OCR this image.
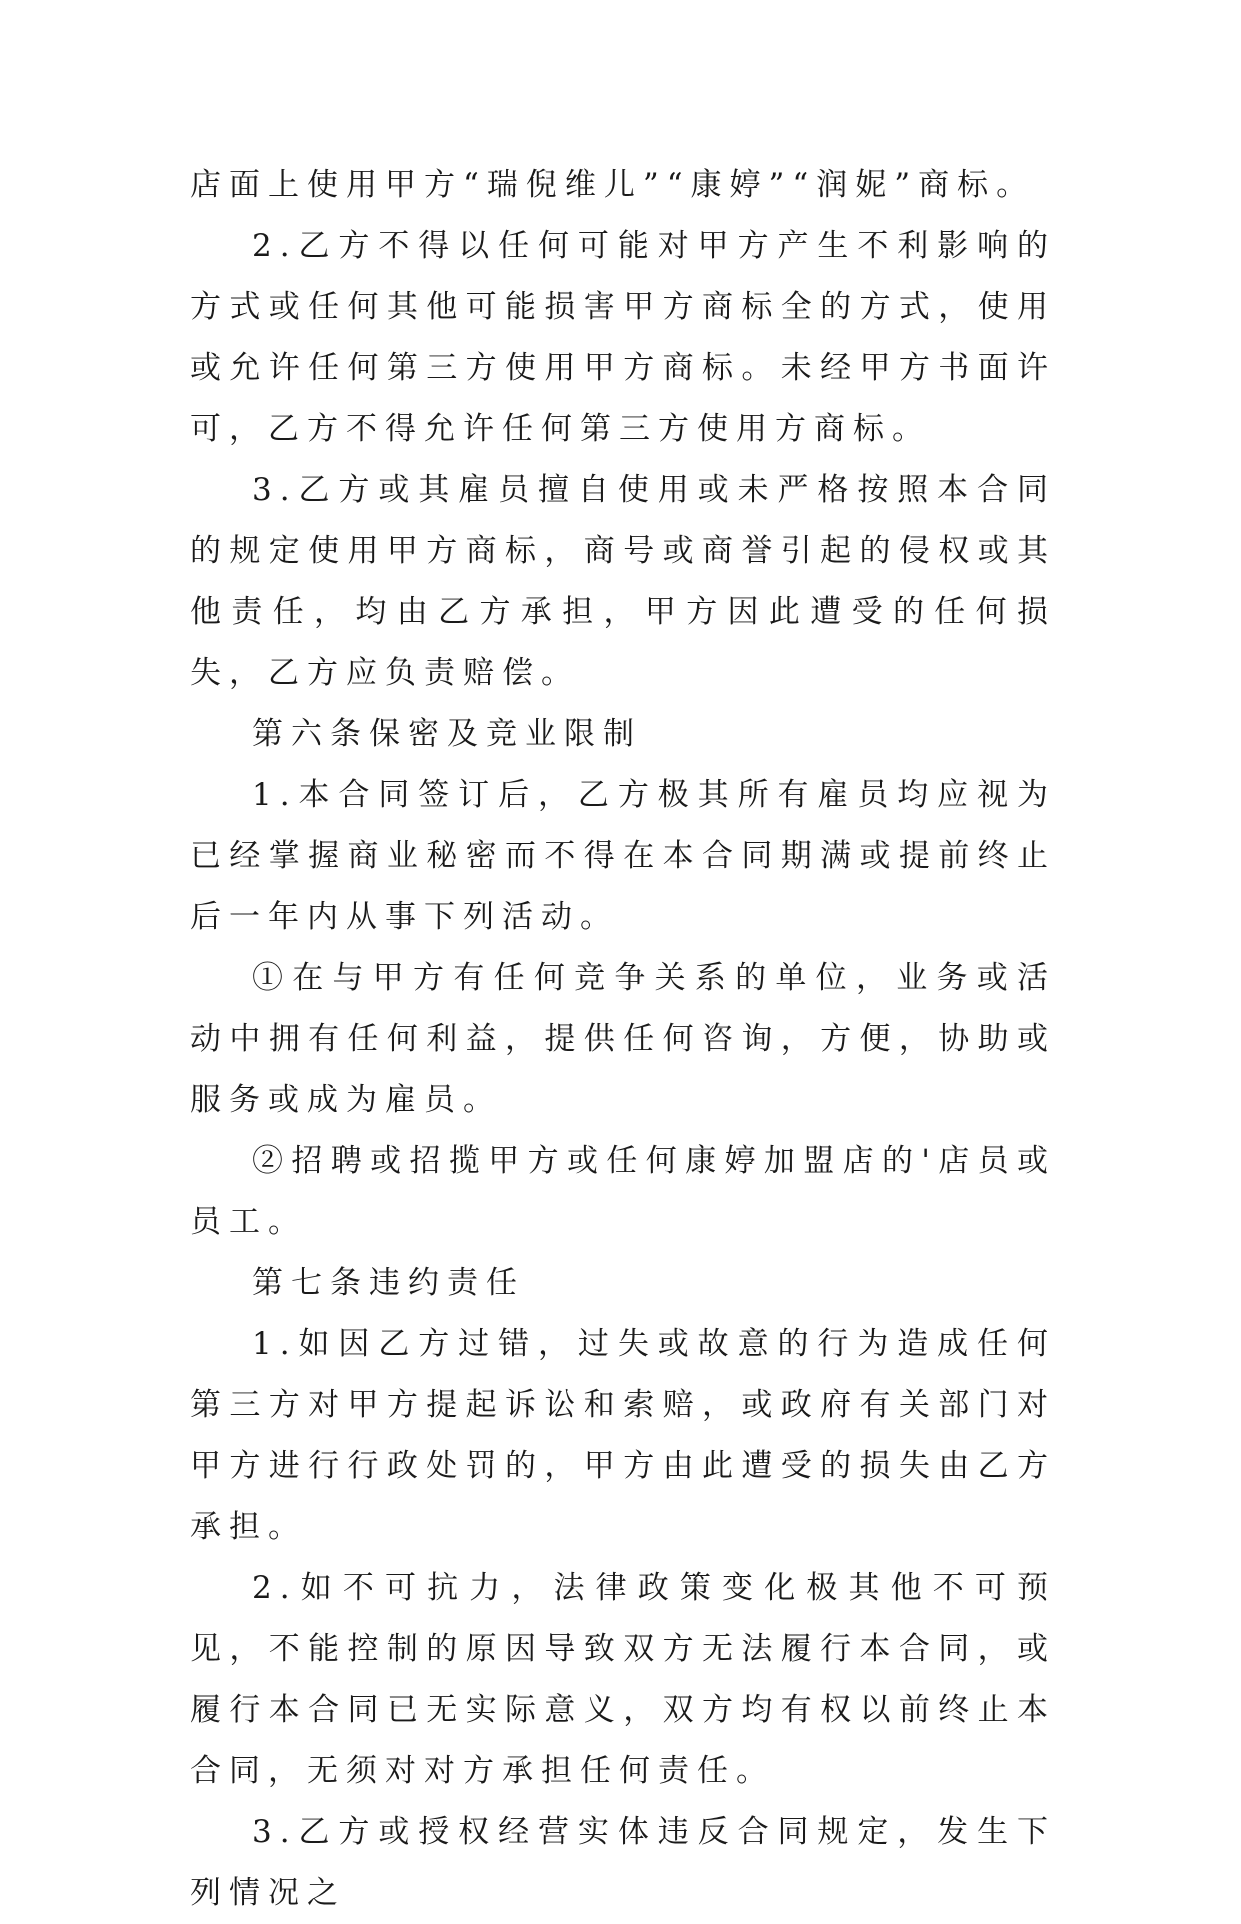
店面上使用甲方“瑞倪维儿”“康婷”“润妮”商标。

2.乙方不得以任何可能对甲方产生不利影响的方式或任何其他可能损害甲方商标全的方式，使用或允许任何第三方使用甲方商标。未经甲方书面许可，乙方不得允许任何第三方使用方商标。

3.乙方或其雇员擅自使用或未严格按照本合同的规定使用甲方商标，商号或商誉引起的侵权或其他责任，均由乙方承担，甲方因此遭受的任何损失，乙方应负责赔偿。

第六条保密及竞业限制

1.本合同签订后，乙方极其所有雇员均应视为已经掌握商业秘密而不得在本合同期满或提前终止后一年内从事下列活动。

①在与甲方有任何竞争关系的单位，业务或活动中拥有任何利益，提供任何咨询，方便，协助或服务或成为雇员。

②招聘或招揽甲方或任何康婷加盟店的'店员或员工。

第七条违约责任

1.如因乙方过错，过失或故意的行为造成任何第三方对甲方提起诉讼和索赔，或政府有关部门对甲方进行行政处罚的，甲方由此遭受的损失由乙方承担。

2.如不可抗力，法律政策变化极其他不可预见，不能控制的原因导致双方无法履行本合同，或履行本合同已无实际意义，双方均有权以前终止本合同，无须对对方承担任何责任。

3.乙方或授权经营实体违反合同规定，发生下列情况之
